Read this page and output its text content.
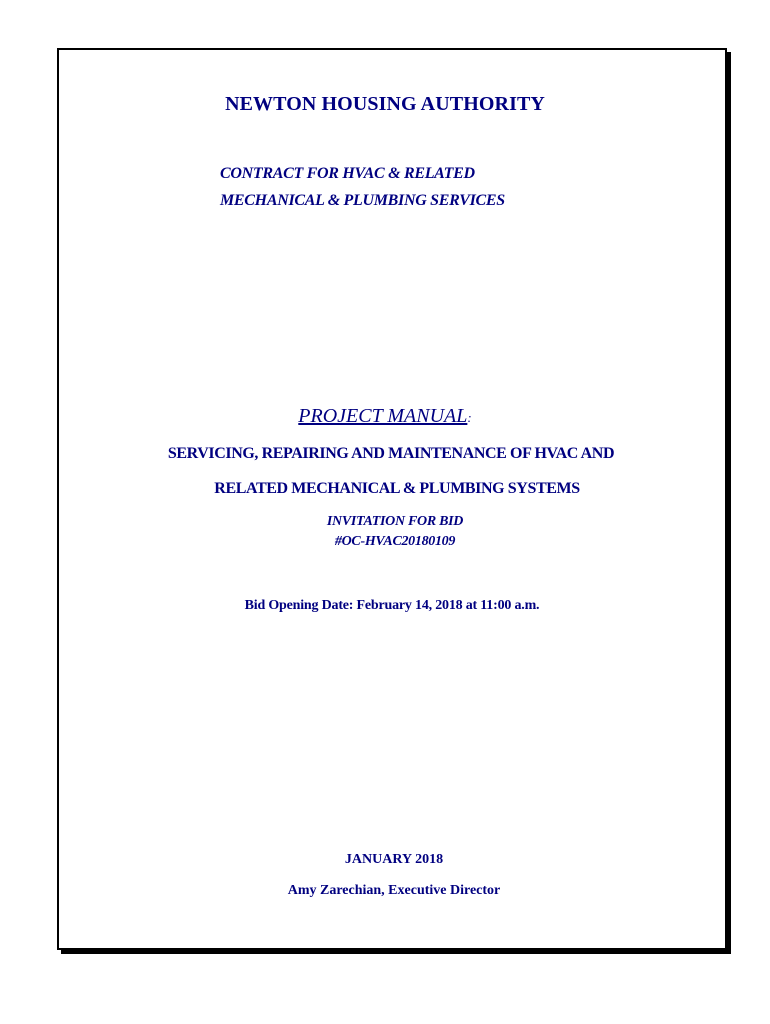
NEWTON HOUSING AUTHORITY

CONTRACT FOR HVAC & RELATED

MECHANICAL & PLUMBING SERVICES

PROJECT MANUAL:

SERVICING, REPAIRING AND MAINTENANCE OF HVAC AND

RELATED MECHANICAL & PLUMBING SYSTEMS

INVITATION FOR BID

#OC-HVAC20180109

Bid Opening Date: February 14, 2018 at 11:00 a.m.

JANUARY 2018

Amy Zarechian, Executive Director
